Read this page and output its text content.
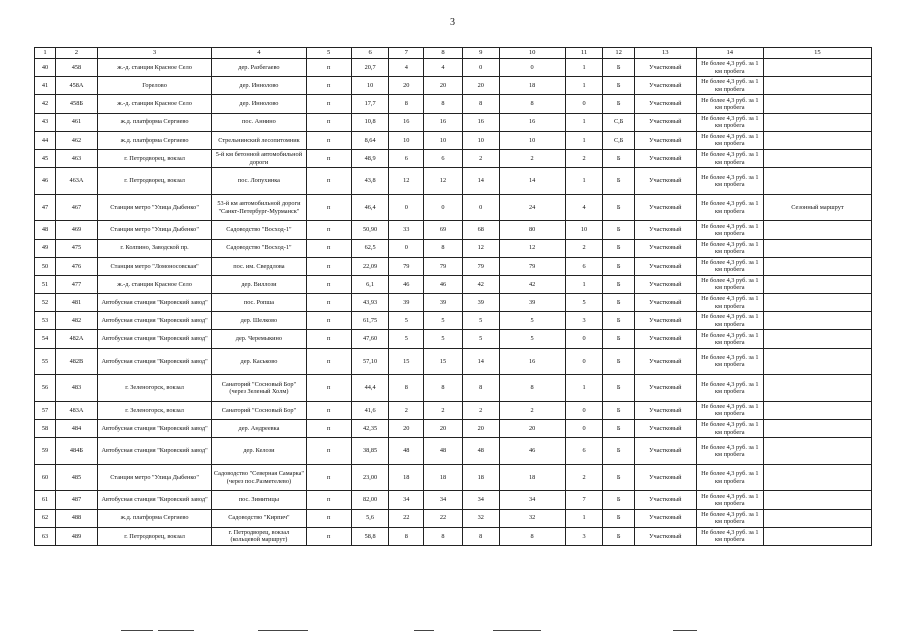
3
1	2	3	4	5	6	7	8	9	10	11	12	13	14	15
40	458	ж.-д. станция Красное Село	дер. Разбегаево	п	20,7	4	4	0	0	1	Б	Участковый	Не более 4,3 руб. за 1 км пробега	
41	458А	Горелово	дер. Иннолово	п	10	20	20	20	18	1	Б	Участковый	Не более 4,3 руб. за 1 км пробега	
42	458Б	ж.-д. станция Красное Село	дер. Иннолово	п	17,7	8	8	8	8	0	Б	Участковый	Не более 4,3 руб. за 1 км пробега	
43	461	ж.д. платформа Сергиево	пос. Аннино	п	10,8	16	16	16	16	1	С,Б	Участковый	Не более 4,3 руб. за 1 км пробега	
44	462	ж.д. платформа Сергиево	Стрельнинский лесопитомник	п	8,64	10	10	10	10	1	С,Б	Участковый	Не более 4,3 руб. за 1 км пробега	
45	463	г. Петродворец, вокзал	5-й км бетонной автомобильной дороги	п	48,9	6	6	2	2	2	Б	Участковый	Не более 4,3 руб. за 1 км пробега	
46	463А	г. Петродворец, вокзал	пос. Лопухинка	п	43,8	12	12	14	14	1	Б	Участковый	Не более 4,3 руб. за 1 км пробега	
47	467	Станция метро "Улица Дыбенко"	53-й км автомобильной дороги "Санкт-Петербург-Мурманск"	п	46,4	0	0	0	24	4	Б	Участковый	Не более 4,3 руб. за 1 км пробега	Сезонный маршрут
48	469	Станция метро "Улица Дыбенко"	Садоводство "Восход-1"	п	50,90	33	69	68	80	10	Б	Участковый	Не более 4,3 руб. за 1 км пробега	
49	475	г. Колпино, Заводской пр.	Садоводство "Восход-1"	п	62,5	0	8	12	12	2	Б	Участковый	Не более 4,3 руб. за 1 км пробега	
50	476	Станция метро "Ломоносовская"	пос. им. Свердлова	п	22,09	79	79	79	79	6	Б	Участковый	Не более 4,3 руб. за 1 км пробега	
51	477	ж.-д. станция Красное Село	дер. Виллози	п	6,1	46	46	42	42	1	Б	Участковый	Не более 4,3 руб. за 1 км пробега	
52	481	Автобусная станция "Кировский завод"	пос. Ропша	п	43,93	39	39	39	39	5	Б	Участковый	Не более 4,3 руб. за 1 км пробега	
53	482	Автобусная станция "Кировский завод"	дер. Шелково	п	61,75	5	5	5	5	3	Б	Участковый	Не более 4,3 руб. за 1 км пробега	
54	482А	Автобусная станция "Кировский завод"	дер. Черемыкино	п	47,60	5	5	5	5	0	Б	Участковый	Не более 4,3 руб. за 1 км пробега	
55	482В	Автобусная станция "Кировский завод"	дер. Каськово	п	57,10	15	15	14	16	0	Б	Участковый	Не более 4,3 руб. за 1 км пробега	
56	483	г. Зеленогорск, вокзал	Санаторий "Сосновый Бор" (через Зеленый Холм)	п	44,4	8	8	8	8	1	Б	Участковый	Не более 4,3 руб. за 1 км пробега	
57	483А	г. Зеленогорск, вокзал	Санаторий "Сосновый Бор"	п	41,6	2	2	2	2	0	Б	Участковый	Не более 4,3 руб. за 1 км пробега	
58	484	Автобусная станция "Кировский завод"	дер. Андреевка	п	42,35	20	20	20	20	0	Б	Участковый	Не более 4,3 руб. за 1 км пробега	
59	484Б	Автобусная станция "Кировский завод"	дер. Келози	п	38,85	48	48	48	46	6	Б	Участковый	Не более 4,3 руб. за 1 км пробега	
60	485	Станция метро "Улица Дыбенко"	Садоводство "Северная Самарка" (через пос.Разметелево)	п	23,00	18	18	18	18	2	Б	Участковый	Не более 4,3 руб. за 1 км пробега	
61	487	Автобусная станция "Кировский завод"	пос. Зимитицы	п	82,00	34	34	34	34	7	Б	Участковый	Не более 4,3 руб. за 1 км пробега	
62	488	ж.д. платформа Сергиево	Садоводство "Кирпич"	п	5,6	22	22	32	32	1	Б	Участковый	Не более 4,3 руб. за 1 км пробега	
63	489	г. Петродворец, вокзал	г. Петродворец, вокзал (кольцевой маршрут)	п	58,8	8	8	8	8	3	Б	Участковый	Не более 4,3 руб. за 1 км пробега	
